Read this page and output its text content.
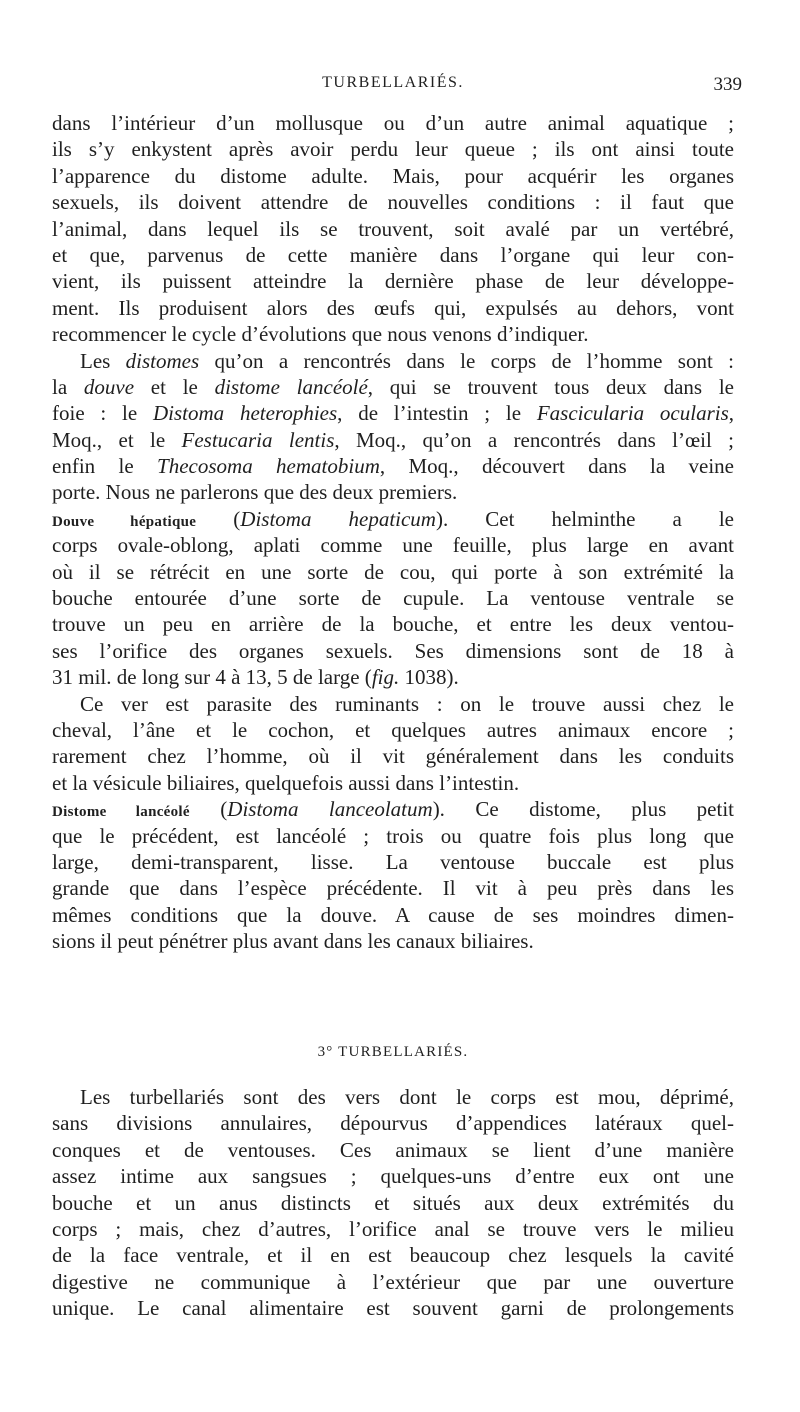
TURBELLARIÉS.	339
dans l’intérieur d’un mollusque ou d’un autre animal aquatique ;
ils s’y enkystent après avoir perdu leur queue ; ils ont ainsi toute
l’apparence du distome adulte. Mais, pour acquérir les organes
sexuels, ils doivent attendre de nouvelles conditions : il faut que
l’animal, dans lequel ils se trouvent, soit avalé par un vertébré,
et que, parvenus de cette manière dans l’organe qui leur con-
vient, ils puissent atteindre la dernière phase de leur développe-
ment. Ils produisent alors des œufs qui, expulsés au dehors, vont
recommencer le cycle d’évolutions que nous venons d’indiquer.
Les distomes qu’on a rencontrés dans le corps de l’homme sont :
la douve et le distome lancéolé, qui se trouvent tous deux dans le
foie : le Distoma heterophies, de l’intestin ; le Fascicularia ocularis,
Moq., et le Festucaria lentis, Moq., qu’on a rencontrés dans l’œil ;
enfin le Thecosoma hematobium, Moq., découvert dans la veine
porte. Nous ne parlerons que des deux premiers.
Douve hépatique (Distoma hepaticum). Cet helminthe a le
corps ovale-oblong, aplati comme une feuille, plus large en avant
où il se rétrécit en une sorte de cou, qui porte à son extrémité la
bouche entourée d’une sorte de cupule. La ventouse ventrale se
trouve un peu en arrière de la bouche, et entre les deux ventou-
ses l’orifice des organes sexuels. Ses dimensions sont de 18 à
31 mil. de long sur 4 à 13, 5 de large (fig. 1038).
Ce ver est parasite des ruminants : on le trouve aussi chez le
cheval, l’âne et le cochon, et quelques autres animaux encore ;
rarement chez l’homme, où il vit généralement dans les conduits
et la vésicule biliaires, quelquefois aussi dans l’intestin.
Distome lancéolé (Distoma lanceolatum). Ce distome, plus petit
que le précédent, est lancéolé ; trois ou quatre fois plus long que
large, demi-transparent, lisse. La ventouse buccale est plus
grande que dans l’espèce précédente. Il vit à peu près dans les
mêmes conditions que la douve. A cause de ses moindres dimen-
sions il peut pénétrer plus avant dans les canaux biliaires.
3° TURBELLARIÉS.
Les turbellariés sont des vers dont le corps est mou, déprimé,
sans divisions annulaires, dépourvus d’appendices latéraux quel-
conques et de ventouses. Ces animaux se lient d’une manière
assez intime aux sangsues ; quelques-uns d’entre eux ont une
bouche et un anus distincts et situés aux deux extrémités du
corps ; mais, chez d’autres, l’orifice anal se trouve vers le milieu
de la face ventrale, et il en est beaucoup chez lesquels la cavité
digestive ne communique à l’extérieur que par une ouverture
unique. Le canal alimentaire est souvent garni de prolongements
